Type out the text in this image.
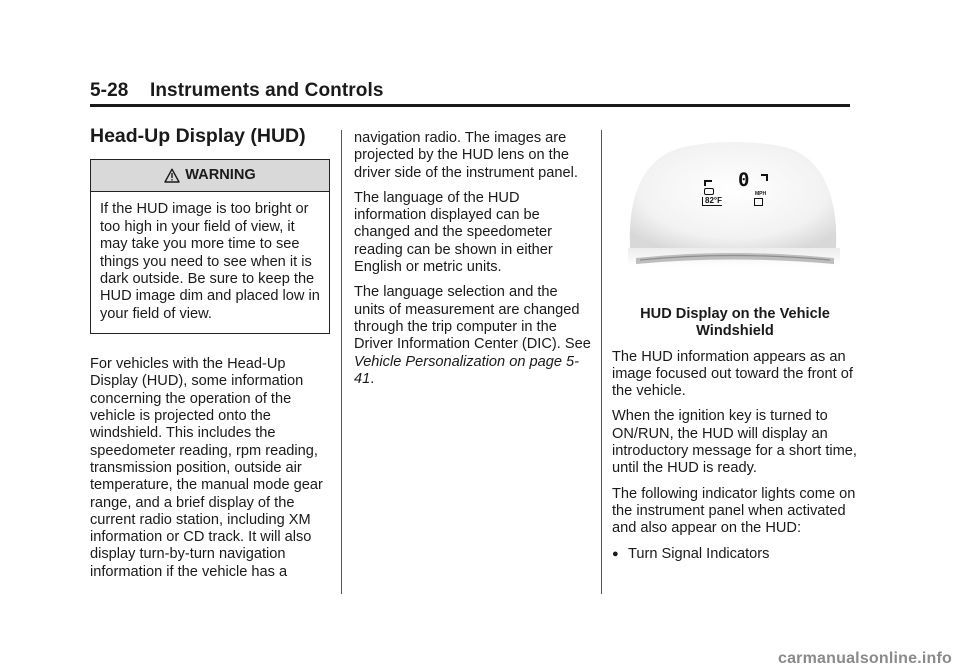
5-28    Instruments and Controls
Head-Up Display (HUD)
WARNING
If the HUD image is too bright or too high in your field of view, it may take you more time to see things you need to see when it is dark outside. Be sure to keep the HUD image dim and placed low in your field of view.

For vehicles with the Head-Up Display (HUD), some information concerning the operation of the vehicle is projected onto the windshield. This includes the speedometer reading, rpm reading, transmission position, outside air temperature, the manual mode gear range, and a brief display of the current radio station, including XM information or CD track. It will also display turn-by-turn navigation information if the vehicle has a

navigation radio. The images are projected by the HUD lens on the driver side of the instrument panel.

The language of the HUD information displayed can be changed and the speedometer reading can be shown in either English or metric units.

The language selection and the units of measurement are changed through the trip computer in the Driver Information Center (DIC). See Vehicle Personalization on page 5-41.

0
MPH
82°F
HUD Display on the Vehicle Windshield

The HUD information appears as an image focused out toward the front of the vehicle.

When the ignition key is turned to ON/RUN, the HUD will display an introductory message for a short time, until the HUD is ready.

The following indicator lights come on the instrument panel when activated and also appear on the HUD:

● Turn Signal Indicators
carmanualsonline.info
